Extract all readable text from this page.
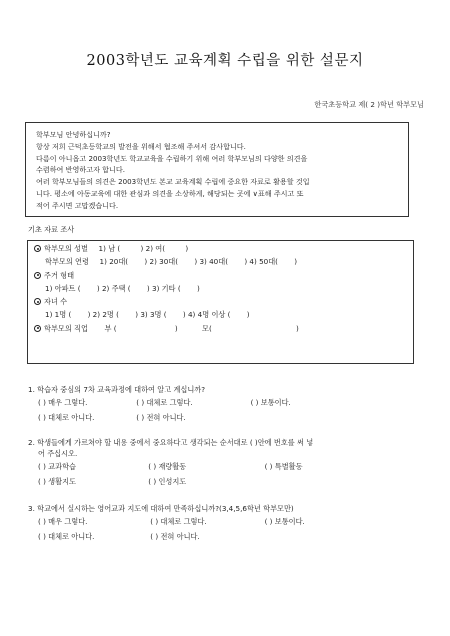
2003학년도 교육계획 수립을 위한 설문지
한국초등학교 제( 2 )학년 학부모님

학부모님 안녕하십니까?

항상 저희 근덕초등학교의 발전을 위해서 협조해 주셔서 감사합니다.

다름이 아니옵고 2003학년도 학교교육을 수립하기 위해 여러 학부모님의 다양한 의견을

수렴하여 반영하고자 합니다.

여러 학부모님들의 의견은 2003학년도 본교 교육계획 수립에 중요한 자료로 활용할 것입

니다. 평소에 아동교육에 대한 관심과 의견을 소상하게, 해당되는 곳에 ∨표해 주시고 또

적어 주시면 고맙겠습니다.

기초 자료 조사
학부모의 성별 1) 남 (	) 2) 여(	)
학부모의 연령 1) 20대( ) 2) 30대( ) 3) 40대( ) 4) 50대( )
주거 형태
1) 아파트 ( ) 2) 주택 ( ) 3) 기타 ( )
자녀 수
1) 1명 ( ) 2) 2명 ( ) 3) 3명 ( ) 4) 4명 이상 ( )
학부모의 직업 부 (	)	모(	)
1. 학습자 중심의 7차 교육과정에 대하여 알고 계십니까?
( ) 매우 그렇다.	( ) 대체로 그렇다.	( ) 보통이다.
( ) 대체로 아니다.	( ) 전혀 아니다.
2. 학생들에게 가르쳐야 할 내용 중에서 중요하다고 생각되는 순서대로 ( )안에 번호를 써 넣
어 주십시오.
( ) 교과학습	( ) 재량활동	( ) 특별활동
( ) 생활지도	( ) 인성지도
3. 학교에서 실시하는 영어교과 지도에 대하여 만족하십니까?(3,4,5,6학년 학부모만)
( ) 매우 그렇다.	( ) 대체로 그렇다.	( ) 보통이다.
( ) 대체로 아니다.	( ) 전혀 아니다.
